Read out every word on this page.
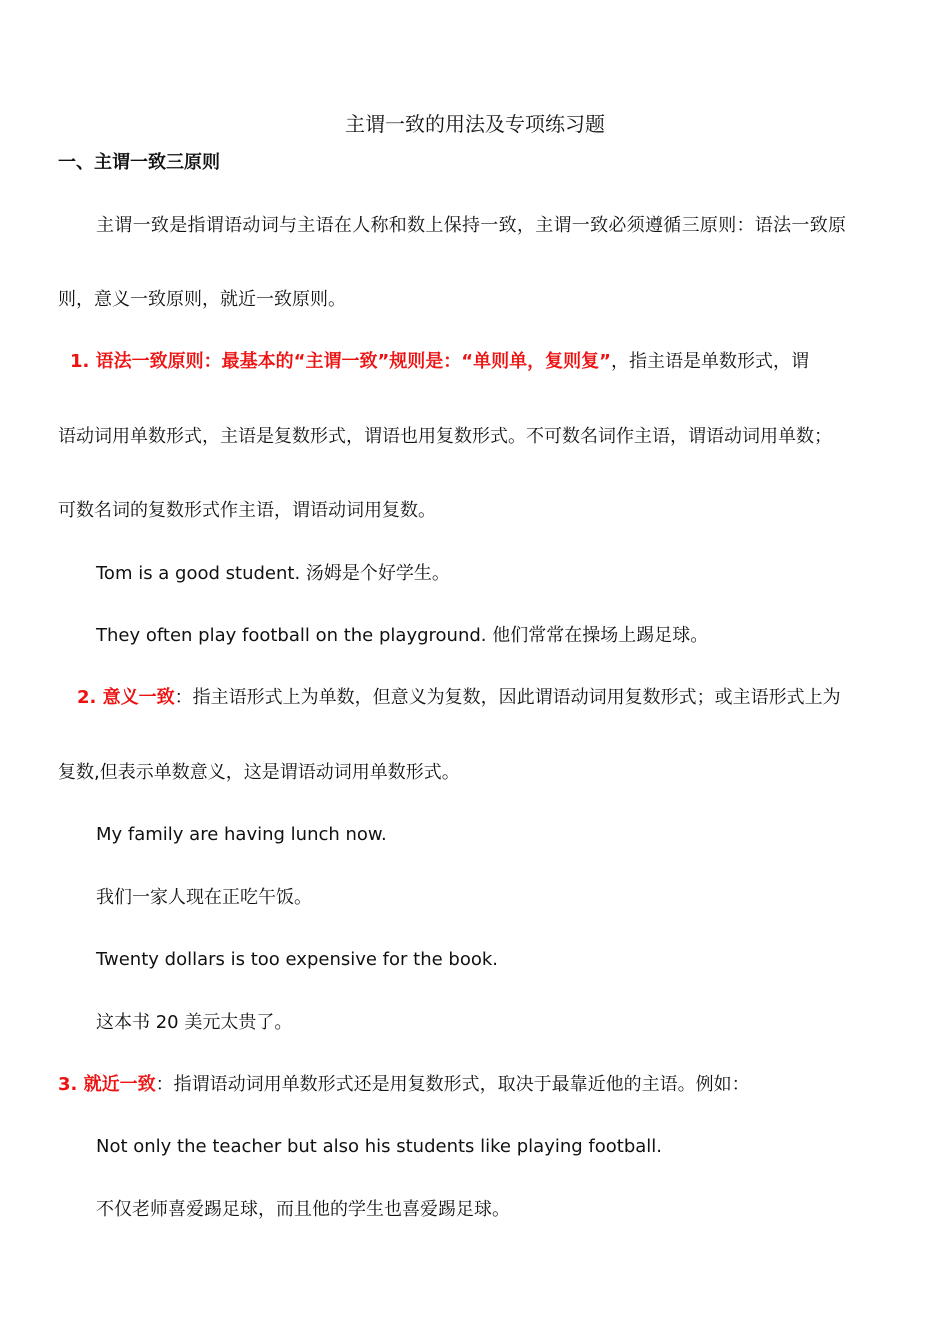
主谓一致的用法及专项练习题
一、主谓一致三原则
主谓一致是指谓语动词与主语在人称和数上保持一致，主谓一致必须遵循三原则：语法一致原
则，意义一致原则，就近一致原则。
1. 语法一致原则：最基本的“主谓一致”规则是：“单则单，复则复”，指主语是单数形式，谓
语动词用单数形式，主语是复数形式，谓语也用复数形式。不可数名词作主语，谓语动词用单数；
可数名词的复数形式作主语，谓语动词用复数。
Tom is a good student. 汤姆是个好学生。
They often play football on the playground. 他们常常在操场上踢足球。
2. 意义一致：指主语形式上为单数，但意义为复数，因此谓语动词用复数形式；或主语形式上为
复数,但表示单数意义，这是谓语动词用单数形式。
My family are having lunch now.
我们一家人现在正吃午饭。
Twenty dollars is too expensive for the book.
这本书 20 美元太贵了。
3. 就近一致：指谓语动词用单数形式还是用复数形式，取决于最靠近他的主语。例如：
Not only the teacher but also his students like playing football.
不仅老师喜爱踢足球，而且他的学生也喜爱踢足球。
